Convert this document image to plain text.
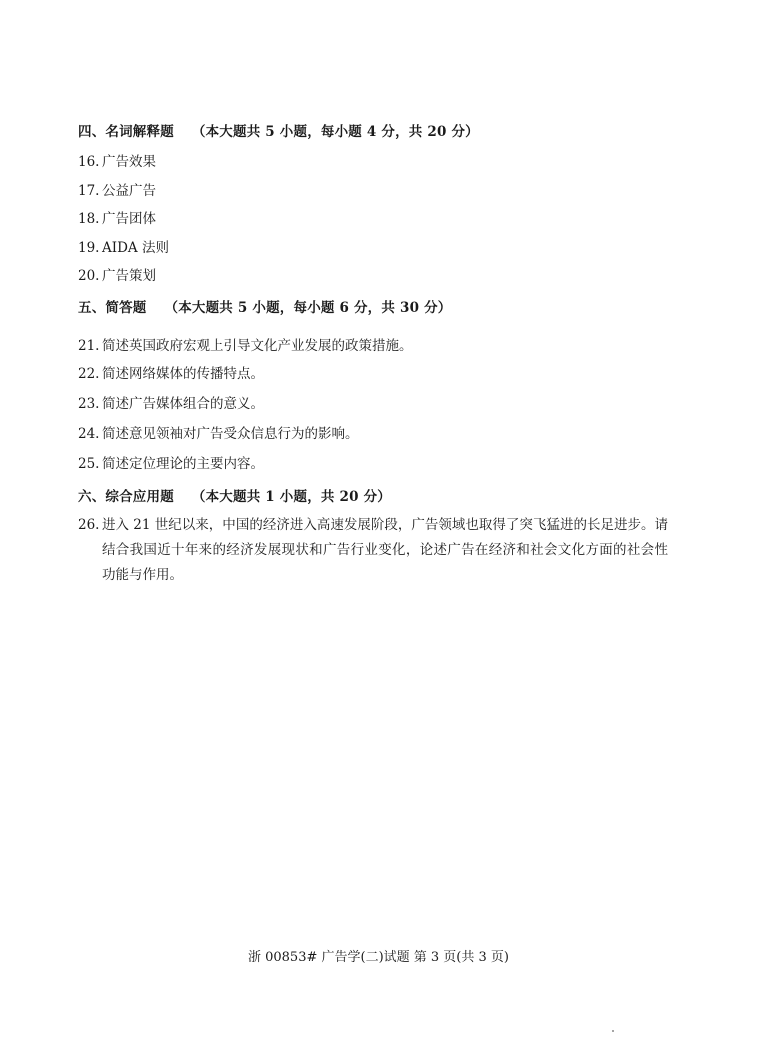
四、名词解释题 （本大题共 5 小题，每小题 4 分，共 20 分）
16. 广告效果
17. 公益广告
18. 广告团体
19. AIDA 法则
20. 广告策划
五、简答题 （本大题共 5 小题，每小题 6 分，共 30 分）
21. 简述英国政府宏观上引导文化产业发展的政策措施。
22. 简述网络媒体的传播特点。
23. 简述广告媒体组合的意义。
24. 简述意见领袖对广告受众信息行为的影响。
25. 简述定位理论的主要内容。
六、综合应用题 （本大题共 1 小题，共 20 分）
26. 进入 21 世纪以来，中国的经济进入高速发展阶段，广告领域也取得了突飞猛进的长足进步。请结合我国近十年来的经济发展现状和广告行业变化，论述广告在经济和社会文化方面的社会性功能与作用。
浙 00853# 广告学(二)试题 第 3 页(共 3 页)
